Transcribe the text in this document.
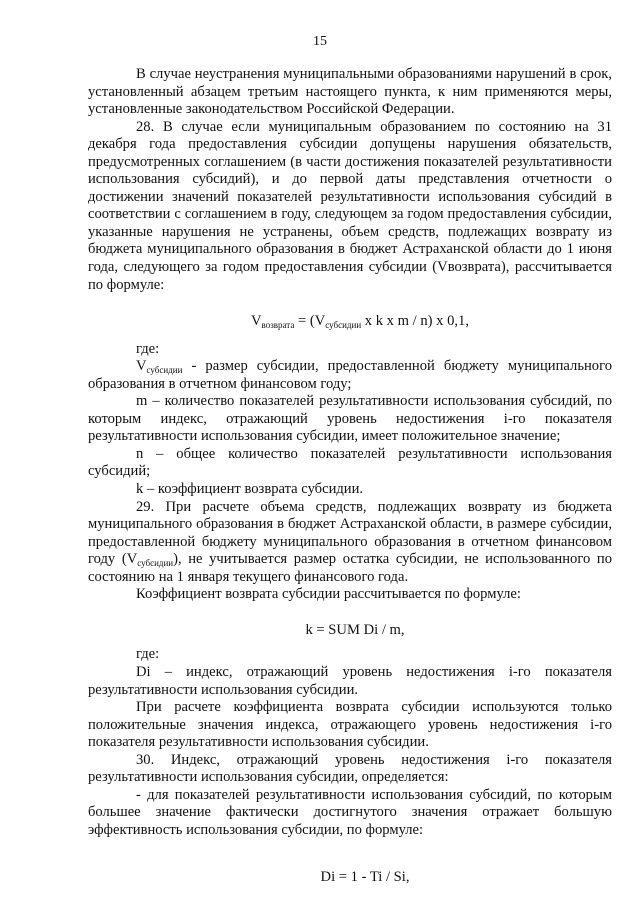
15

В случае неустранения муниципальными образованиями нарушений в срок, установленный абзацем третьим настоящего пункта, к ним применяются меры, установленные законодательством Российской Федерации.

28. В случае если муниципальным образованием по состоянию на 31 декабря года предоставления субсидии допущены нарушения обязательств, предусмотренных соглашением (в части достижения показателей результативности использования субсидий), и до первой даты представления отчетности о достижении значений показателей результативности использования субсидий в соответствии с соглашением в году, следующем за годом предоставления субсидии, указанные нарушения не устранены, объем средств, подлежащих возврату из бюджета муниципального образования в бюджет Астраханской области до 1 июня года, следующего за годом предоставления субсидии (Vвозврата), рассчитывается по формуле:

$V_{возврата} = (V_{субсидии}$ x k x m / n) x 0,1,

где:

$V_{субсидии}$ - размер субсидии, предоставленной бюджету муниципального образования в отчетном финансовом году;

m – количество показателей результативности использования субсидий, по которым индекс, отражающий уровень недостижения i-го показателя результативности использования субсидии, имеет положительное значение;

n – общее количество показателей результативности использования субсидий;

k – коэффициент возврата субсидии.

29. При расчете объема средств, подлежащих возврату из бюджета муниципального образования в бюджет Астраханской области, в размере субсидии, предоставленной бюджету муниципального образования в отчетном финансовом году $(V_{субсидии})$, не учитывается размер остатка субсидии, не использованного по состоянию на 1 января текущего финансового года.

Коэффициент возврата субсидии рассчитывается по формуле:

k = SUM Di / m,

где:

Di – индекс, отражающий уровень недостижения i-го показателя результативности использования субсидии.

При расчете коэффициента возврата субсидии используются только положительные значения индекса, отражающего уровень недостижения i-го показателя результативности использования субсидии.

30. Индекс, отражающий уровень недостижения i-го показателя результативности использования субсидии, определяется:

- для показателей результативности использования субсидий, по которым большее значение фактически достигнутого значения отражает большую эффективность использования субсидии, по формуле:

Di = 1 - Ti / Si,
